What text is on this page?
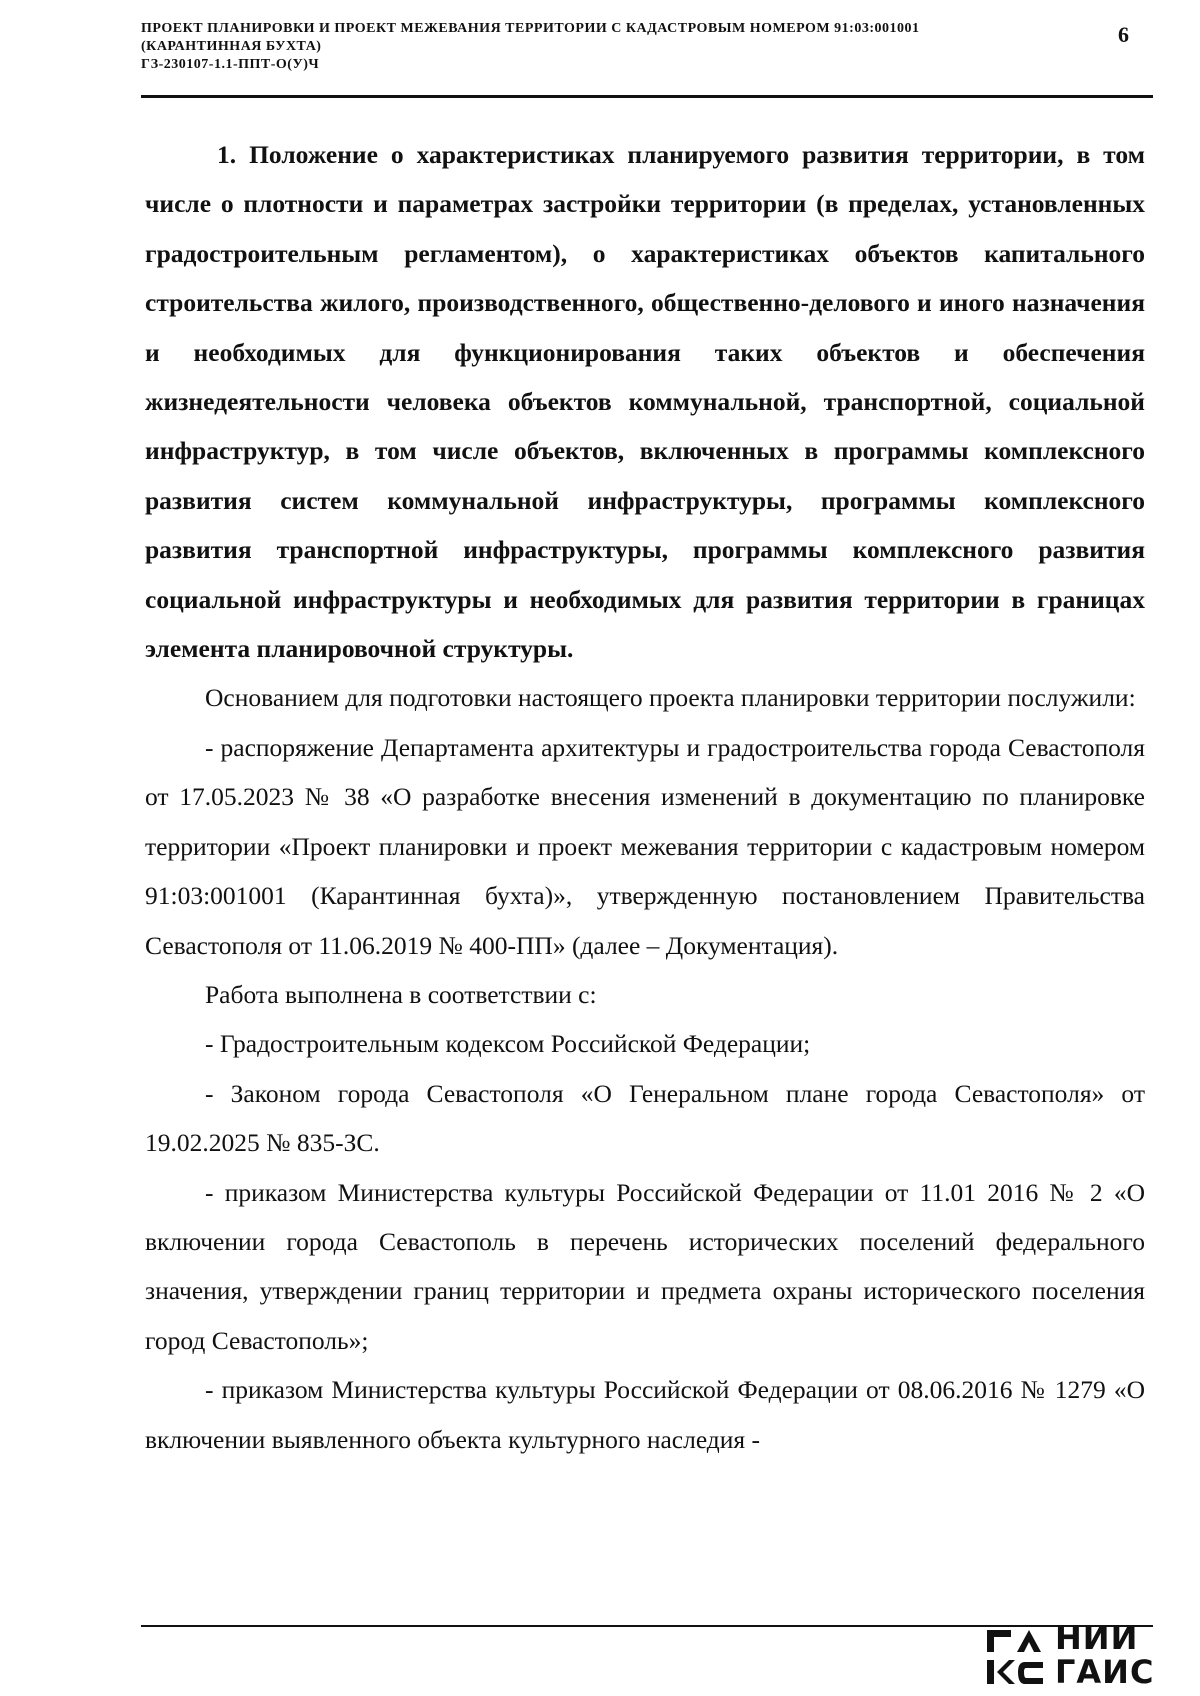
ПРОЕКТ ПЛАНИРОВКИ И ПРОЕКТ МЕЖЕВАНИЯ ТЕРРИТОРИИ С КАДАСТРОВЫМ НОМЕРОМ 91:03:001001
(КАРАНТИННАЯ БУХТА)
ГЗ-230107-1.1-ППТ-О(У)Ч
6

1. Положение о характеристиках планируемого развития территории, в том числе о плотности и параметрах застройки территории (в пределах, установленных градостроительным регламентом), о характеристиках объектов капитального строительства жилого, производственного, общественно-делового и иного назначения и необходимых для функционирования таких объектов и обеспечения жизнедеятельности человека объектов коммунальной, транспортной, социальной инфраструктур, в том числе объектов, включенных в программы комплексного развития систем коммунальной инфраструктуры, программы комплексного развития транспортной инфраструктуры, программы комплексного развития социальной инфраструктуры и необходимых для развития территории в границах элемента планировочной структуры.

Основанием для подготовки настоящего проекта планировки территории послужили:

- распоряжение Департамента архитектуры и градостроительства города Севастополя от 17.05.2023 № 38 «О разработке внесения изменений в документацию по планировке территории «Проект планировки и проект межевания территории с кадастровым номером 91:03:001001 (Карантинная бухта)», утвержденную постановлением Правительства Севастополя от 11.06.2019 № 400-ПП» (далее – Документация).

Работа выполнена в соответствии с:

- Градостроительным кодексом Российской Федерации;
- Законом города Севастополя «О Генеральном плане города Севастополя» от 19.02.2025 № 835-ЗС.
- приказом Министерства культуры Российской Федерации от 11.01 2016 № 2 «О включении города Севастополь в перечень исторических поселений федерального значения, утверждении границ территории и предмета охраны исторического поселения город Севастополь»;
- приказом Министерства культуры Российской Федерации от 08.06.2016 № 1279 «О включении выявленного объекта культурного наследия -
НИИ
ГАИС
